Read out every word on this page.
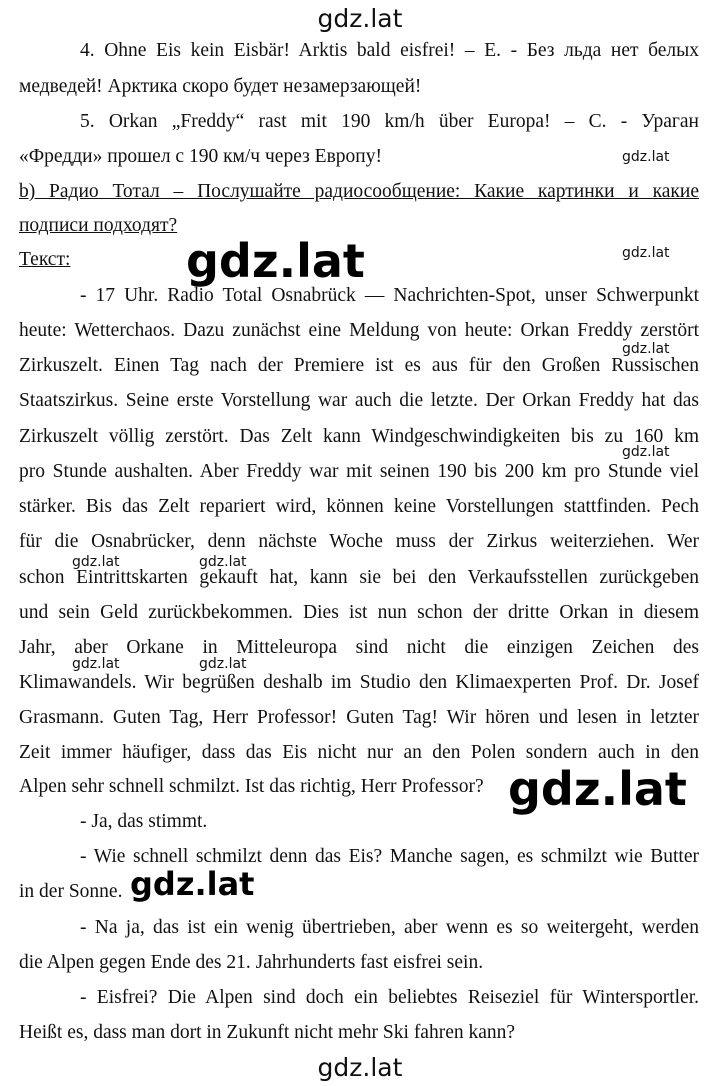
gdz.lat
4. Ohne Eis kein Eisbär! Arktis bald eisfrei! – E. - Без льда нет белых
медведей! Арктика скоро будет незамерзающей!
5. Orkan „Freddy“ rast mit 190 km/h über Europa! – C. - Ураган
«Фредди» прошел с 190 км/ч через Европу!
b) Радио Тотал – Послушайте радиосообщение: Какие картинки и какие
подписи подходят?
Текст:
- 17 Uhr. Radio Total Osnabrück — Nachrichten-Spot, unser Schwerpunkt
heute: Wetterchaos. Dazu zunächst eine Meldung von heute: Orkan Freddy zerstört
Zirkuszelt. Einen Tag nach der Premiere ist es aus für den Großen Russischen
Staatszirkus. Seine erste Vorstellung war auch die letzte. Der Orkan Freddy hat das
Zirkuszelt völlig zerstört. Das Zelt kann Windgeschwindigkeiten bis zu 160 km
pro Stunde aushalten. Aber Freddy war mit seinen 190 bis 200 km pro Stunde viel
stärker. Bis das Zelt repariert wird, können keine Vorstellungen stattfinden. Pech
für die Osnabrücker, denn nächste Woche muss der Zirkus weiterziehen. Wer
schon Eintrittskarten gekauft hat, kann sie bei den Verkaufsstellen zurückgeben
und sein Geld zurückbekommen. Dies ist nun schon der dritte Orkan in diesem
Jahr, aber Orkane in Mitteleuropa sind nicht die einzigen Zeichen des
Klimawandels. Wir begrüßen deshalb im Studio den Klimaexperten Prof. Dr. Josef
Grasmann. Guten Tag, Herr Professor! Guten Tag! Wir hören und lesen in letzter
Zeit immer häufiger, dass das Eis nicht nur an den Polen sondern auch in den
Alpen sehr schnell schmilzt. Ist das richtig, Herr Professor?
- Ja, das stimmt.
- Wie schnell schmilzt denn das Eis? Manche sagen, es schmilzt wie Butter
in der Sonne.
- Na ja, das ist ein wenig übertrieben, aber wenn es so weitergeht, werden
die Alpen gegen Ende des 21. Jahrhunderts fast eisfrei sein.
- Eisfrei? Die Alpen sind doch ein beliebtes Reiseziel für Wintersportler.
Heißt es, dass man dort in Zukunft nicht mehr Ski fahren kann?
gdz.lat
gdz.lat
gdz.lat
gdz.lat
gdz.lat
gdz.lat	gdz.lat
gdz.lat	gdz.lat
gdz.lat
gdz.lat
gdz.lat
